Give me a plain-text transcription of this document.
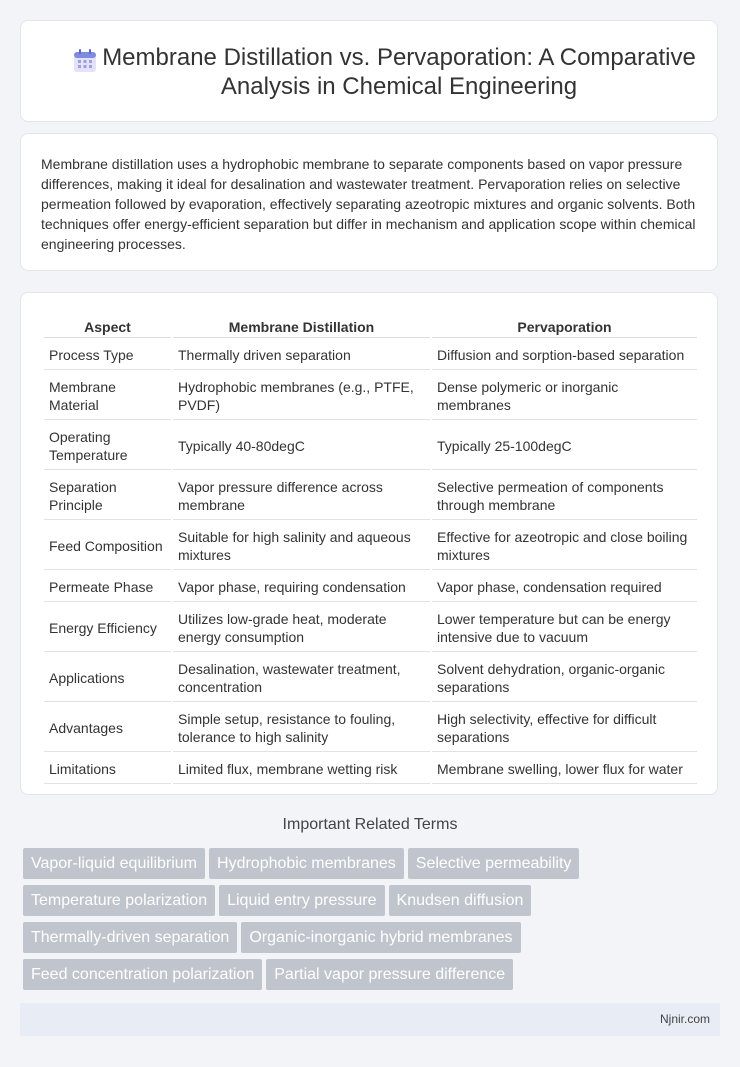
Membrane Distillation vs. Pervaporation: A Comparative Analysis in Chemical Engineering

Membrane distillation uses a hydrophobic membrane to separate components based on vapor pressure differences, making it ideal for desalination and wastewater treatment. Pervaporation relies on selective permeation followed by evaporation, effectively separating azeotropic mixtures and organic solvents. Both techniques offer energy-efficient separation but differ in mechanism and application scope within chemical engineering processes.

Aspect	Membrane Distillation	Pervaporation
Process Type	Thermally driven separation	Diffusion and sorption-based separation
Membrane Material	Hydrophobic membranes (e.g., PTFE, PVDF)	Dense polymeric or inorganic membranes
Operating Temperature	Typically 40-80degC	Typically 25-100degC
Separation Principle	Vapor pressure difference across membrane	Selective permeation of components through membrane
Feed Composition	Suitable for high salinity and aqueous mixtures	Effective for azeotropic and close boiling mixtures
Permeate Phase	Vapor phase, requiring condensation	Vapor phase, condensation required
Energy Efficiency	Utilizes low-grade heat, moderate energy consumption	Lower temperature but can be energy intensive due to vacuum
Applications	Desalination, wastewater treatment, concentration	Solvent dehydration, organic-organic separations
Advantages	Simple setup, resistance to fouling, tolerance to high salinity	High selectivity, effective for difficult separations
Limitations	Limited flux, membrane wetting risk	Membrane swelling, lower flux for water
Important Related Terms
Vapor-liquid equilibrium Hydrophobic membranes Selective permeability
Temperature polarization Liquid entry pressure Knudsen diffusion
Thermally-driven separation Organic-inorganic hybrid membranes
Feed concentration polarization Partial vapor pressure difference
Njnir.com
